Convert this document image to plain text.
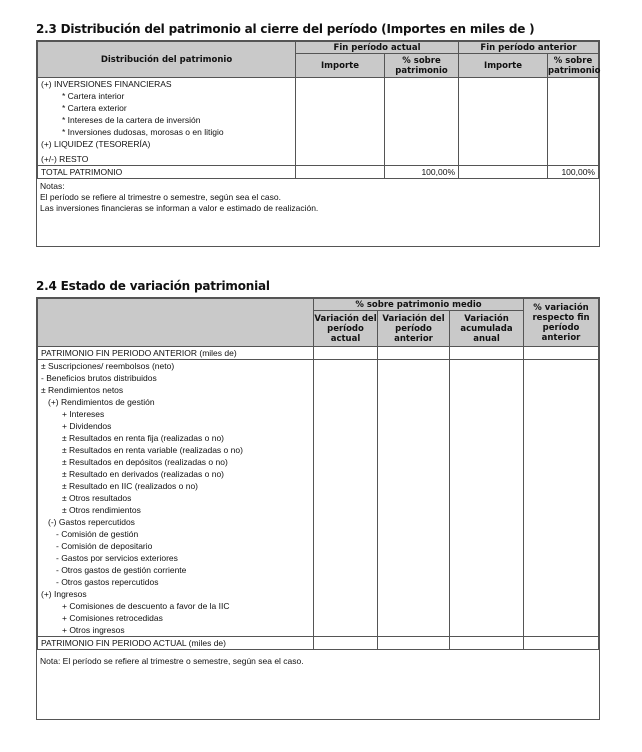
2.3 Distribución del patrimonio al cierre del período (Importes en miles de )
Distribución del patrimonio	Fin período actual		Fin período anterior	
	Importe	% sobre patrimonio	Importe	% sobre patrimonio
(+) INVERSIONES FINANCIERAS				
* Cartera interior				
* Cartera exterior				
* Intereses de la cartera de inversión				
* Inversiones dudosas, morosas o en litigio				
(+) LIQUIDEZ (TESORERÍA)				
(+/-) RESTO				
TOTAL PATRIMONIO		100,00%		100,00%
Notas:
El período se refiere al trimestre o semestre, según sea el caso.
Las inversiones financieras se informan a valor e estimado de realización.
2.4 Estado de variación patrimonial
	% sobre patrimonio medio			% variación respecto fin período anterior
	Variación del período actual	Variación del período anterior	Variación acumulada anual	
PATRIMONIO FIN PERIODO ANTERIOR (miles de)				
± Suscripciones/ reembolsos (neto)				
- Beneficios brutos distribuidos				
± Rendimientos netos				
(+) Rendimientos de gestión				
+ Intereses				
+ Dividendos				
± Resultados en renta fija (realizadas o no)				
± Resultados en renta variable (realizadas o no)				
± Resultados en depósitos (realizadas o no)				
± Resultado en derivados (realizadas o no)				
± Resultado en IIC (realizados o no)				
± Otros resultados				
± Otros rendimientos				
(-) Gastos repercutidos				
- Comisión de gestión				
- Comisión de depositario				
- Gastos por servicios exteriores				
- Otros gastos de gestión corriente				
- Otros gastos repercutidos				
(+) Ingresos				
+ Comisiones de descuento a favor de la IIC				
+ Comisiones retrocedidas				
+ Otros ingresos				
PATRIMONIO FIN PERIODO ACTUAL (miles de)				
Nota: El período se refiere al trimestre o semestre, según sea el caso.
